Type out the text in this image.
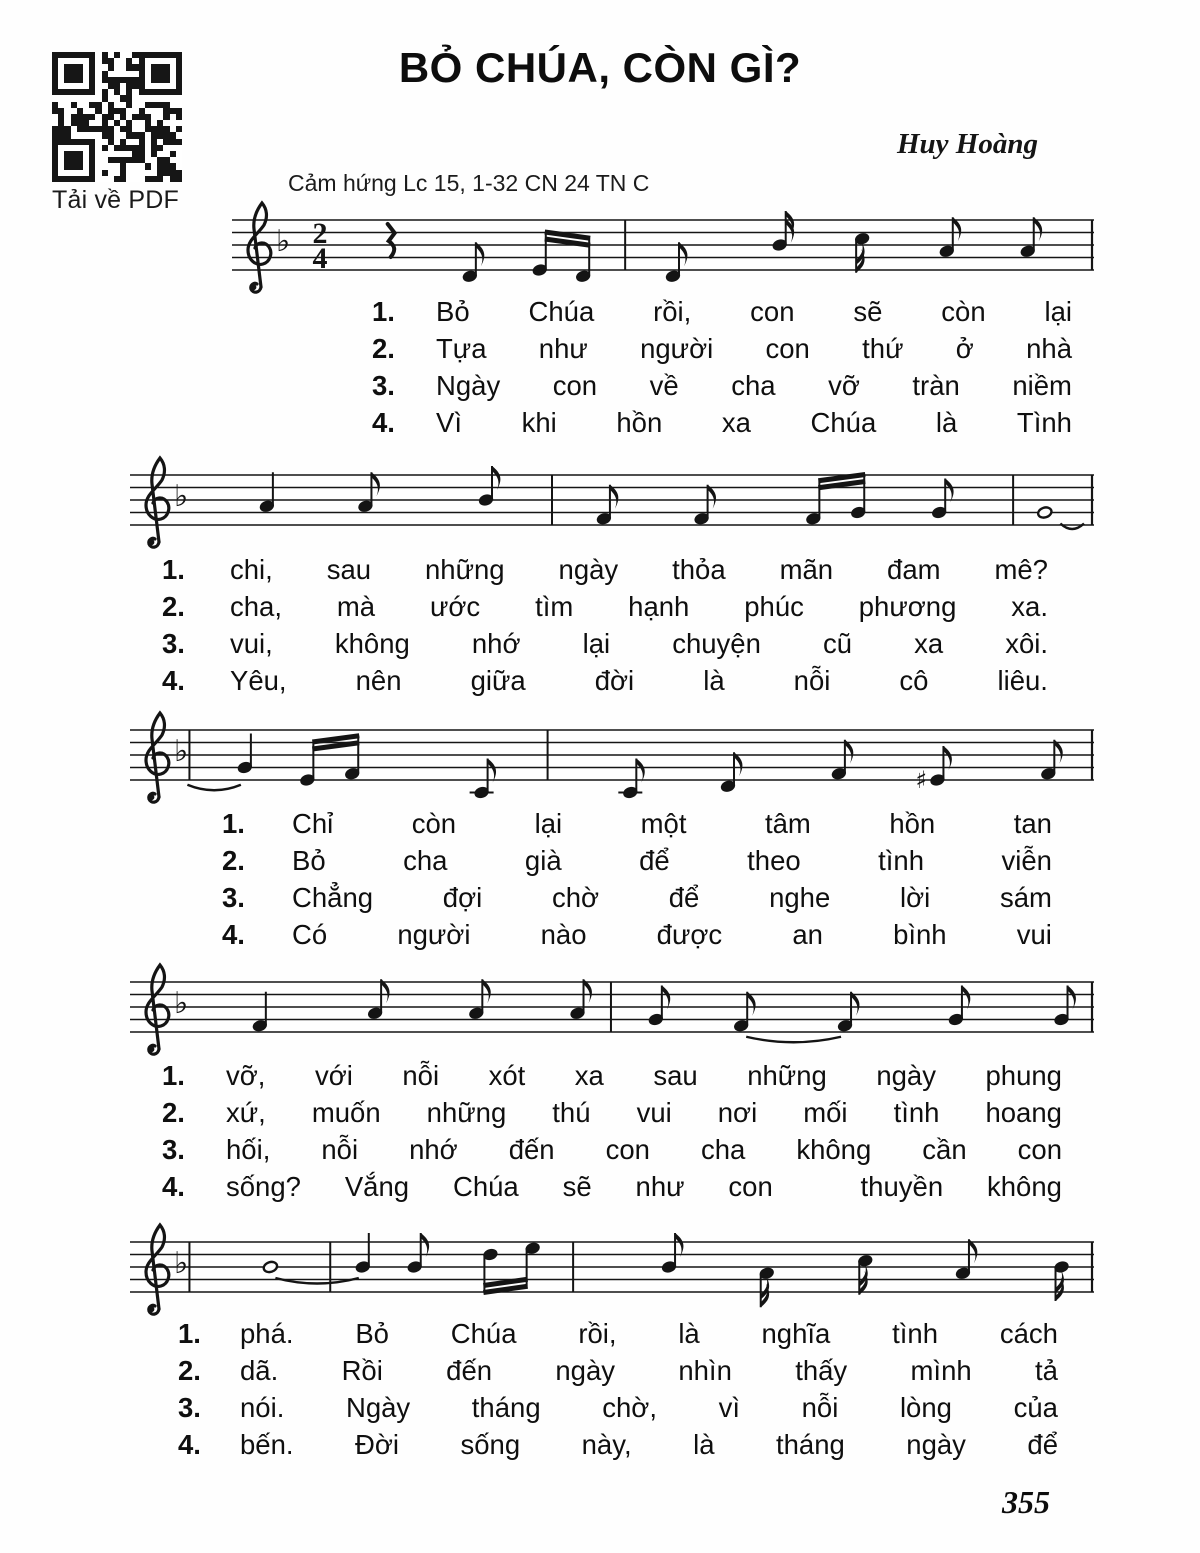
Tải về PDF
BỎ CHÚA, CÒN GÌ?
Huy Hoàng
Cảm hứng Lc 15, 1-32 CN 24 TN C
♭ 2
4
♭
♭
♯
♭
♭
1.	Bỏ Chúa rồi, con sẽ còn lại
2.	Tựa như người con thứ ở nhà
3.	Ngày con về cha vỡ tràn niềm
4.	Vì khi hồn xa Chúa là Tình
1.	chi, sau những ngày thỏa mãn đam mê?
2.	cha, mà ước tìm hạnh phúc phương xa.
3.	vui, không nhớ lại chuyện cũ xa xôi.
4.	Yêu,	nên	giữa	đời	là	nỗi	cô	liêu.
1.	Chỉ	còn	lại	một	tâm	hồn	tan
2.	Bỏ	cha	già	để	theo	tình	viễn
3.	Chẳng	đợi	chờ	để	nghe	lời	sám
4.	Có	người	nào	được	an	bình	vui
1.	vỡ, với nỗi xót xa sau những ngày phung
2.	xứ, muốn những thú vui nơi mối tình hoang
3.	hối, nỗi nhớ đến con cha không cần con
4.	sống? Vắng Chúa sẽ như con	thuyền không
1.	phá. Bỏ Chúa rồi, là nghĩa tình cách
2.	dã. Rồi đến ngày nhìn thấy mình tả
3.	nói. Ngày tháng chờ, vì nỗi lòng của
4.	bến. Đời sống này, là tháng ngày để
355
